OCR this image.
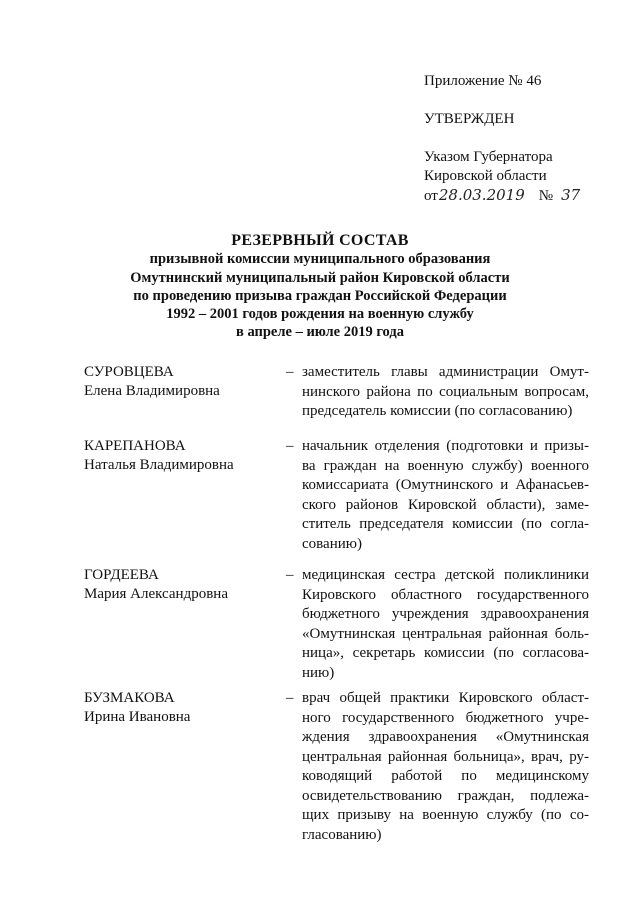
Приложение № 46
УТВЕРЖДЕН
Указом Губернатора
Кировской области
от 28.03.2019 № 37
РЕЗЕРВНЫЙ СОСТАВ
призывной комиссии муниципального образования
Омутнинский муниципальный район Кировской области
по проведению призыва граждан Российской Федерации
1992 – 2001 годов рождения на военную службу
в апреле – июле 2019 года
СУРОВЦЕВА
Елена Владимировна
– заместитель главы администрации Омут-
нинского района по социальным вопросам,
председатель комиссии (по согласованию)
КАРЕПАНОВА
Наталья Владимировна
– начальник отделения (подготовки и призы-
ва граждан на военную службу) военного
комиссариата (Омутнинского и Афанасьев-
ского районов Кировской области), заме-
ститель председателя комиссии (по согла-
сованию)
ГОРДЕЕВА
Мария Александровна
– медицинская сестра детской поликлиники
Кировского областного государственного
бюджетного учреждения здравоохранения
«Омутнинская центральная районная боль-
ница», секретарь комиссии (по согласова-
нию)
БУЗМАКОВА
Ирина Ивановна
– врач общей практики Кировского област-
ного государственного бюджетного учре-
ждения здравоохранения «Омутнинская
центральная районная больница», врач, ру-
ководящий работой по медицинскому
освидетельствованию граждан, подлежа-
щих призыву на военную службу (по со-
гласованию)
